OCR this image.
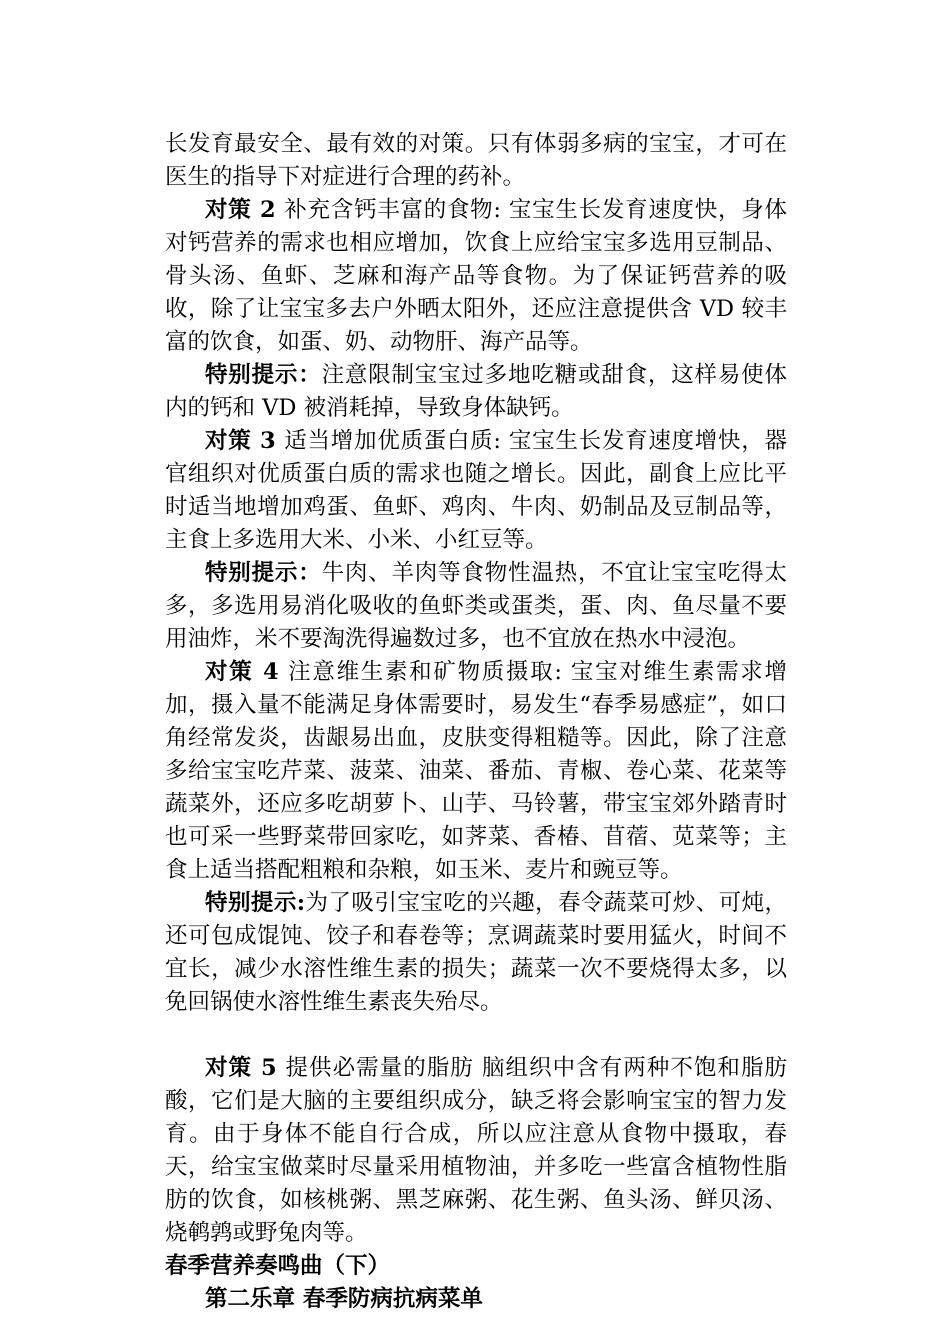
长发育最安全、最有效的对策。只有体弱多病的宝宝，才可在医生的指导下对症进行合理的药补。

对策 2 补充含钙丰富的食物: 宝宝生长发育速度快，身体对钙营养的需求也相应增加，饮食上应给宝宝多选用豆制品、骨头汤、鱼虾、芝麻和海产品等食物。为了保证钙营养的吸收，除了让宝宝多去户外晒太阳外，还应注意提供含 VD 较丰富的饮食，如蛋、奶、动物肝、海产品等。

特别提示：注意限制宝宝过多地吃糖或甜食，这样易使体内的钙和 VD 被消耗掉，导致身体缺钙。

对策 3 适当增加优质蛋白质: 宝宝生长发育速度增快，器官组织对优质蛋白质的需求也随之增长。因此，副食上应比平时适当地增加鸡蛋、鱼虾、鸡肉、牛肉、奶制品及豆制品等，主食上多选用大米、小米、小红豆等。

特别提示：牛肉、羊肉等食物性温热，不宜让宝宝吃得太多，多选用易消化吸收的鱼虾类或蛋类，蛋、肉、鱼尽量不要用油炸，米不要淘洗得遍数过多，也不宜放在热水中浸泡。

对策 4 注意维生素和矿物质摄取: 宝宝对维生素需求增加，摄入量不能满足身体需要时，易发生“春季易感症”，如口角经常发炎，齿龈易出血，皮肤变得粗糙等。因此，除了注意多给宝宝吃芹菜、菠菜、油菜、番茄、青椒、卷心菜、花菜等蔬菜外，还应多吃胡萝卜、山芋、马铃薯，带宝宝郊外踏青时也可采一些野菜带回家吃，如荠菜、香椿、苜蓿、苋菜等；主食上适当搭配粗粮和杂粮，如玉米、麦片和豌豆等。

特别提示:为了吸引宝宝吃的兴趣，春令蔬菜可炒、可炖，还可包成馄饨、饺子和春卷等；烹调蔬菜时要用猛火，时间不宜长，减少水溶性维生素的损失；蔬菜一次不要烧得太多，以免回锅使水溶性维生素丧失殆尽。

对策 5 提供必需量的脂肪 脑组织中含有两种不饱和脂肪酸，它们是大脑的主要组织成分，缺乏将会影响宝宝的智力发育。由于身体不能自行合成，所以应注意从食物中摄取，春天，给宝宝做菜时尽量采用植物油，并多吃一些富含植物性脂肪的饮食，如核桃粥、黑芝麻粥、花生粥、鱼头汤、鲜贝汤、烧鹌鹑或野兔肉等。

春季营养奏鸣曲（下）

第二乐章 春季防病抗病菜单
